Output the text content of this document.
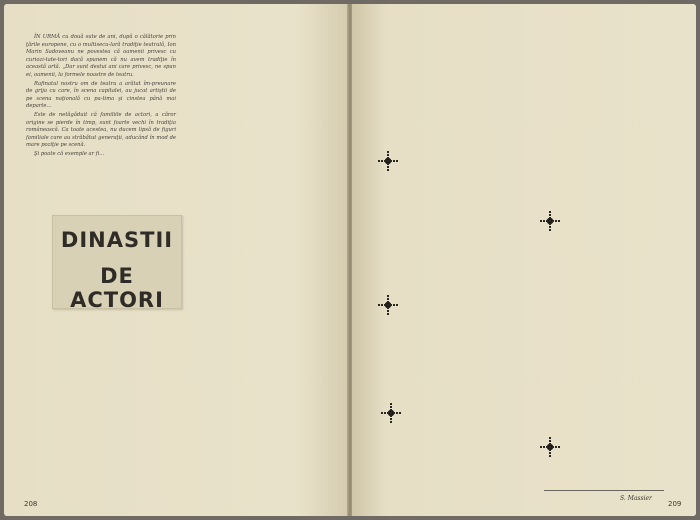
ÎN URMĂ cu două sute de ani, după o călătorie prin ţările europene, cu o multisecu-lară tradiţie teatrală, Ion Marin Sadoveanu ne povestea că oamenii privesc cu curiozi-tate-tori dacă spunem că nu avem tradiţie în această artă. „Dar sunt destui ani care privesc, ne spun ei, oamenii, la formele noastre de teatru.

Rafinatul nostru om de teatru a arătat îm-preunare de grija cu care, în scena capitalei, au jucat artiştii de pe scena naţională cu pa-tima şi cinstea până mai departe...

Este de netăgăduit că familiile de actori, a căror origine se pierde în timp, sunt foarte vechi în tradiţia românească. Ca toate acestea, nu ducem lipsă de figuri familiale care au străbătut generaţii, aducând în mod de mare poziţie pe scenă.

Şi poate că exemple ar fi...

DINASTII
DE ACTORI
208
S. Massier
209
